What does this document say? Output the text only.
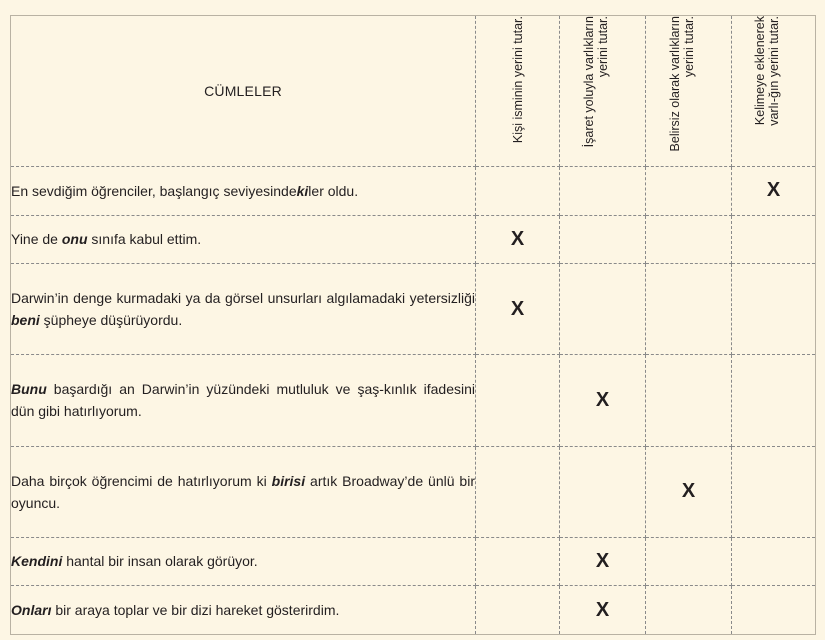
CÜMLELER	Kişi isminin yerini tutar.	İşaret yoluyla varlıkların yerini tutar.	Belirsiz olarak varlıkların yerini tutar.	Kelimeye eklenerek varlı-ğın yerini tutar.

En sevdiğim öğrenciler, başlangıç seviyesindekiler oldu.				X
Yine de onu sınıfa kabul ettim.	X			
Darwin’in denge kurmadaki ya da görsel unsurları algılamadaki yetersizliği beni şüpheye düşürüyordu.	X			
Bunu başardığı an Darwin’in yüzündeki mutluluk ve şaş-kınlık ifadesini dün gibi hatırlıyorum.		X		
Daha birçok öğrencimi de hatırlıyorum ki birisi artık Broadway’de ünlü bir oyuncu.			X	
Kendini hantal bir insan olarak görüyor.		X		
Onları bir araya toplar ve bir dizi hareket gösterirdim.		X		
